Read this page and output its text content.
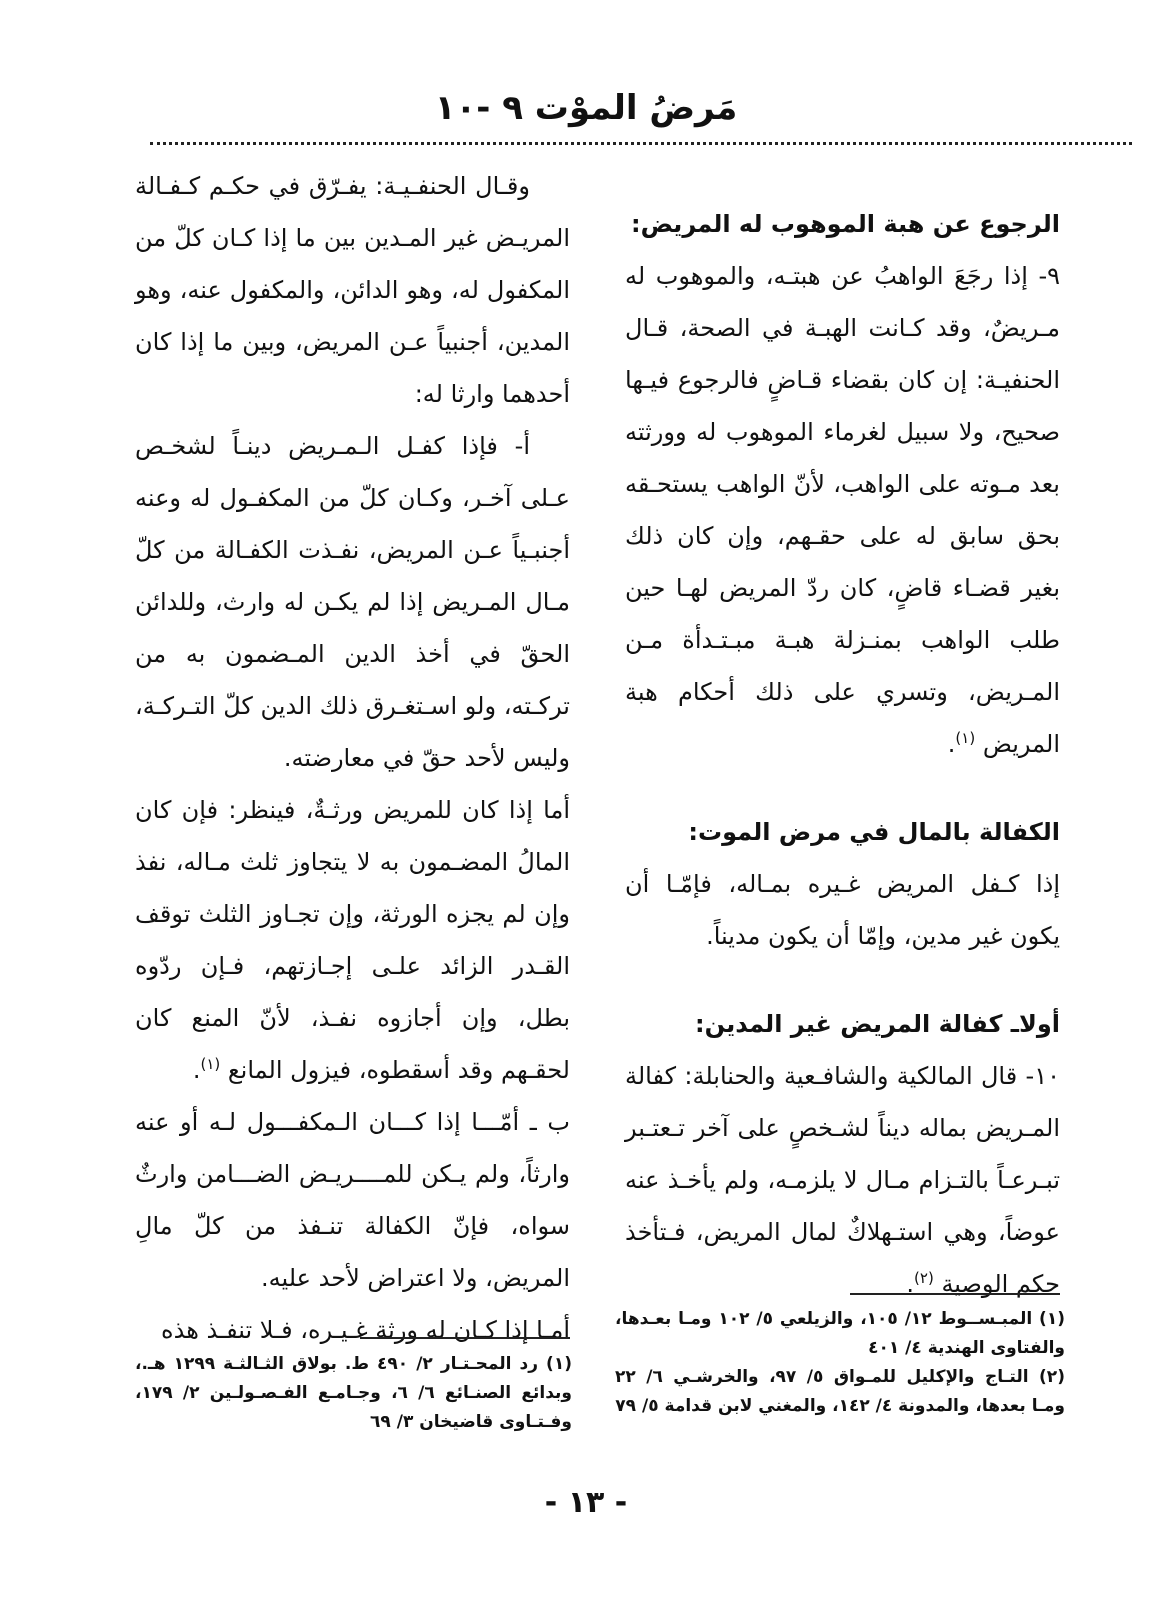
مَرضُ الموْت ٩ -١٠

الرجوع عن هبة الموهوب له المريض:

٩- إذا رجَعَ الواهبُ عن هبتـه، والموهوب له مـريضٌ، وقد كـانت الهبـة في الصحة، قـال الحنفيـة: إن كان بقضاء قـاضٍ فالرجوع فيـها صحيح، ولا سبيل لغرماء الموهوب له وورثته بعد مـوته على الواهب، لأنّ الواهب يستحـقه بحق سابق له على حقـهم، وإن كان ذلك بغير قضـاء قاضٍ، كان ردّ المريض لهـا حين طلب الواهب بمنـزلة هبـة مبـتـدأة مـن المـريض، وتسري على ذلك أحكام هبة المريض $^{(١)}$.

الكفالة بالمال في مرض الموت:

إذا كـفل المريض غـيره بمـاله، فإمّـا أن يكون غير مدين، وإمّا أن يكون مديناً.

أولاـ كفالة المريض غير المدين:

١٠- قال المالكية والشافـعية والحنابلة: كفالة المـريض بماله ديناً لشـخصٍ على آخر تـعتـبر تبـرعـاً بالتـزام مـال لا يلزمـه، ولم يأخـذ عنه عوضاً، وهي استـهلاكٌ لمال المريض، فـتأخذ حكم الوصية $^{(٢)}$.

وقـال الحنفـيـة: يفـرّق في حكـم كـفـالة المريـض غير المـدين بين ما إذا كـان كلّ من المكفول له، وهو الدائن، والمكفول عنه، وهو المدين، أجنبياً عـن المريض، وبين ما إذا كان أحدهما وارثا له:

أ- فإذا كفـل الـمـريض دينـاً لشخـص عـلى آخـر، وكـان كلّ من المكفـول له وعنه أجنبـياً عـن المريض، نفـذت الكفـالة من كلّ مـال المـريض إذا لم يكـن له وارث، وللدائن الحقّ في أخذ الدين المـضمون به من تركـته، ولو اسـتغـرق ذلك الدين كلّ التـركـة، وليس لأحد حقّ في معارضته.

أما إذا كان للمريض ورثـةٌ، فينظر: فإن كان المالُ المضـمون به لا يتجاوز ثلث مـاله، نفذ وإن لم يجزه الورثة، وإن تجـاوز الثلث توقف القـدر الزائد علـى إجـازتهم، فـإن ردّوه بطل، وإن أجازوه نفـذ، لأنّ المنع كان لحقـهم وقد أسقطوه، فيزول المانع $^{(١)}$.

ب ـ أمّـــا إذا كـــان الـمكفـــول لـه أو عنه وارثاً، ولم يـكن للمــــريـض الضـــامن وارثٌ سواه، فإنّ الكفالة تنـفذ من كلّ مالِ المريض، ولا اعتراض لأحد عليه.

أمـا إذا كـان له ورثة غـيـره، فـلا تنفـذ هذه	(١) المبـســوط ١٢/ ١٠٥، والزيلعي ٥/ ١٠٢ ومـا بعـدها، والفتاوى الهندية ٤/ ٤٠١

(٢) التـاج والإكليل للمـواق ٥/ ٩٧، والخرشـي ٦/ ٢٢ ومـا بعدها، والمدونة ٤/ ١٤٢، والمغني لابن قدامة ٥/ ٧٩

(١) رد المحـتـار ٢/ ٤٩٠ ط. بولاق الثـالثـة ١٢٩٩ هـ.، وبدائع الصنـائع ٦/ ٦، وجـامـع الفـصـولـين ٢/ ١٧٩، وفـتـاوى قاضيخان ٣/ ٦٩

- ١٣ -
